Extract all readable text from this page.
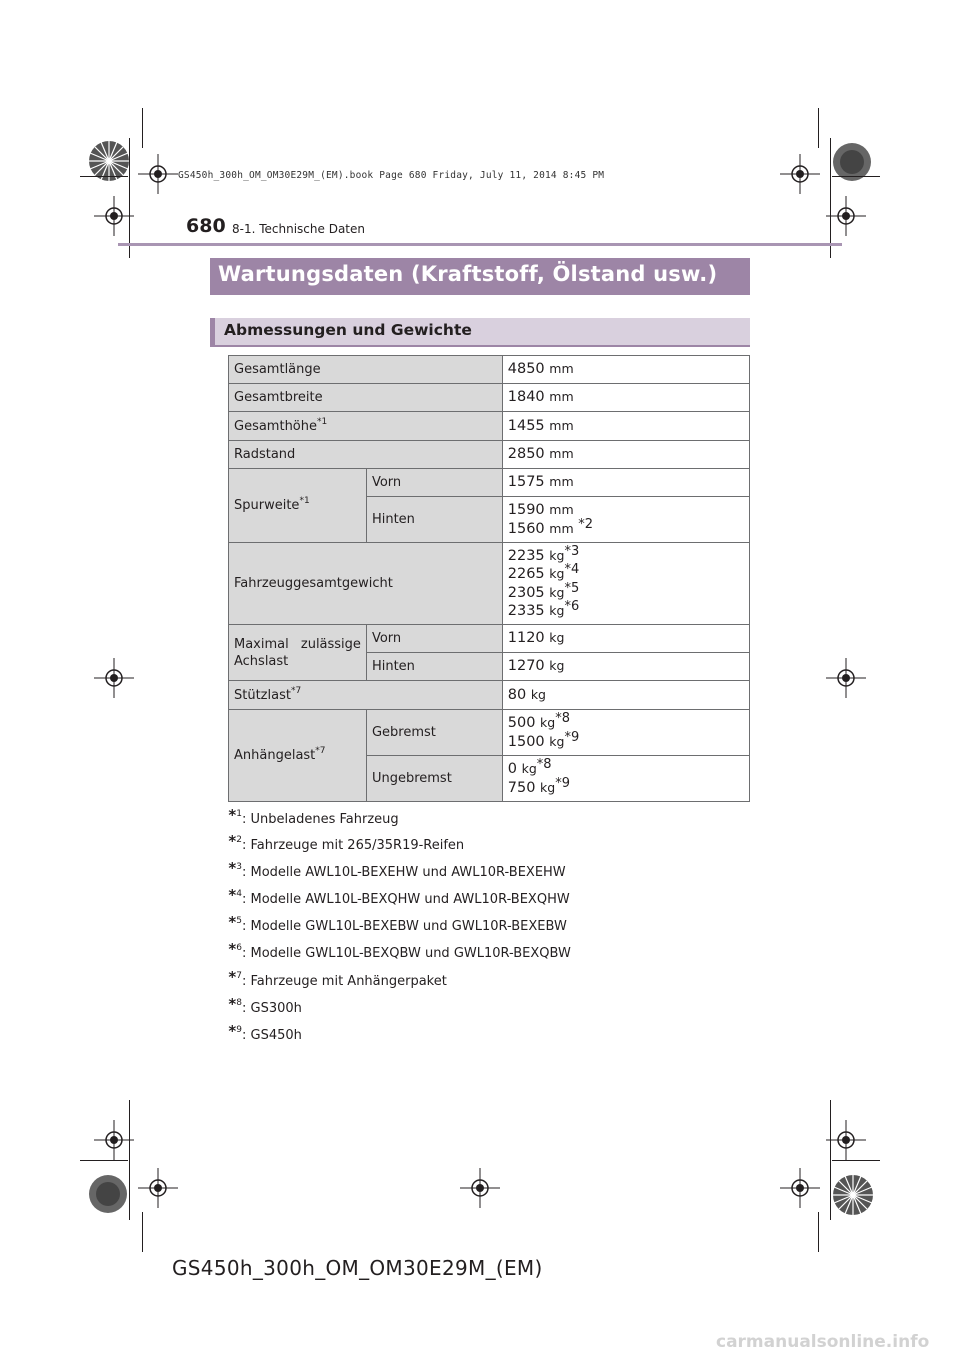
GS450h_300h_OM_OM30E29M_(EM).book Page 680 Friday, July 11, 2014 8:45 PM
680 8-1. Technische Daten
Wartungsdaten (Kraftstoff, Ölstand usw.)
Abmessungen und Gewichte
Gesamtlänge		4850 mm
Gesamtbreite		1840 mm
Gesamthöhe$^{*1}$		1455 mm
Radstand		2850 mm
Spurweite$^{*1}$	Vorn	1575 mm
	Hinten	1590 mm
1560 mm *2

Fahrzeuggesamtgewicht		2235 kg*3
2265 kg*4
2305 kg*5
2335 kg*6

Maximal zulässige
Achslast	Vorn	1120 kg
	Hinten	1270 kg
Stützlast$^{*7}$		80 kg
Anhängelast$^{*7}$	Gebremst	500 kg*8
1500 kg*9

	Ungebremst	0 kg*8
750 kg*9
*$^1$: Unbeladenes Fahrzeug
*$^2$: Fahrzeuge mit 265/35R19-Reifen
*$^3$: Modelle AWL10L-BEXEHW und AWL10R-BEXEHW
*$^4$: Modelle AWL10L-BEXQHW und AWL10R-BEXQHW
*$^5$: Modelle GWL10L-BEXEBW und GWL10R-BEXEBW
*$^6$: Modelle GWL10L-BEXQBW und GWL10R-BEXQBW
*$^7$: Fahrzeuge mit Anhängerpaket
*$^8$: GS300h
*$^9$: GS450h
GS450h_300h_OM_OM30E29M_(EM)
carmanualsonline.info
